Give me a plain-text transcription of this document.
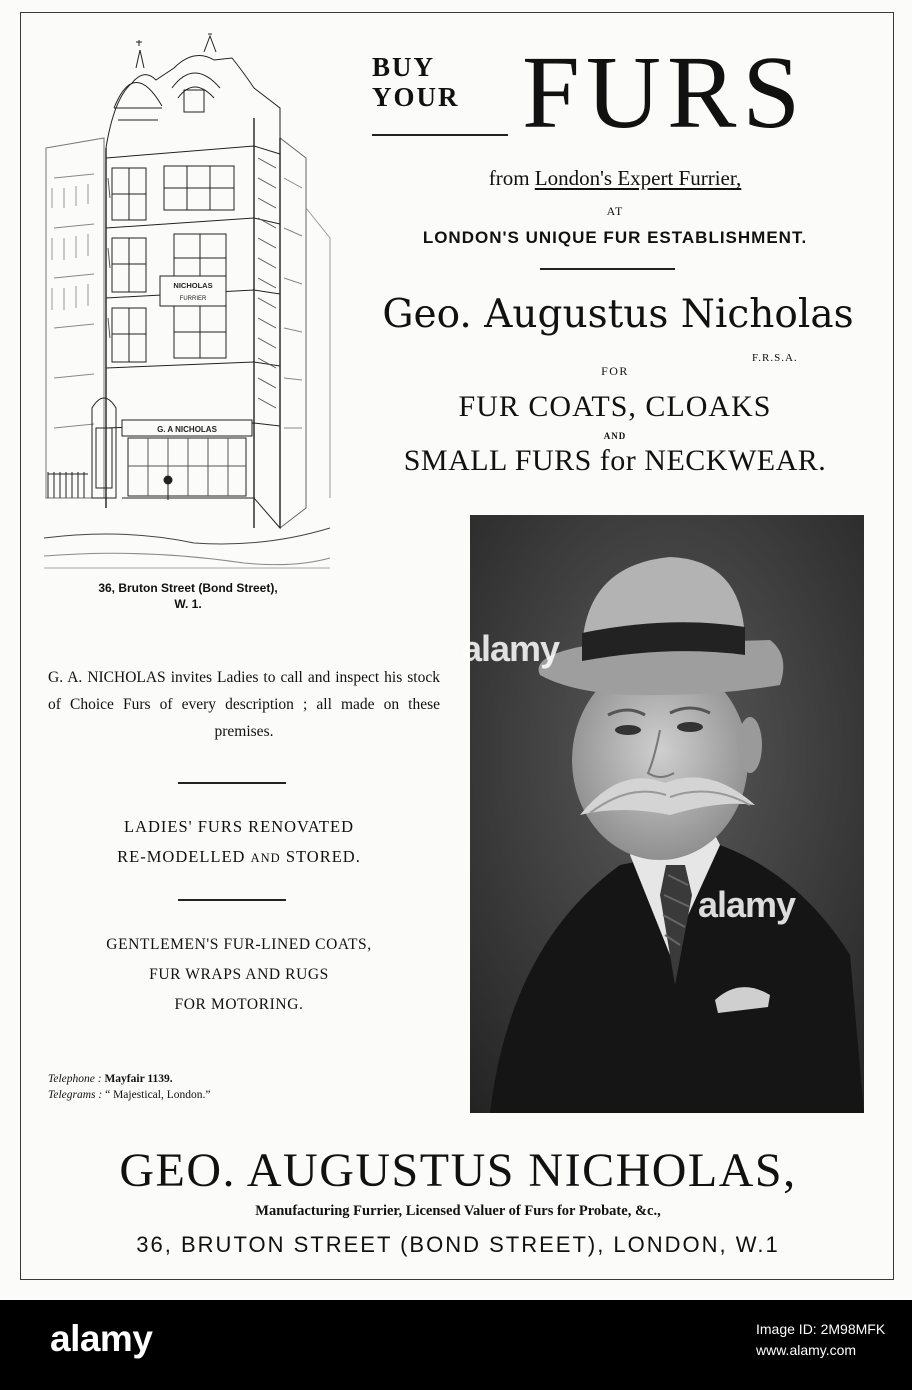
BUY
YOUR FURS
from London's Expert Furrier,
AT
LONDON'S UNIQUE FUR ESTABLISHMENT.
Geo. Augustus Nicholas
F.R.S.A.
FOR
FUR COATS, CLOAKS
AND
SMALL FURS for NECKWEAR.
NICHOLAS
FURRIER
G. A NICHOLAS
36, Bruton Street (Bond Street),
W. 1.
G. A. NICHOLAS invites Ladies to call and inspect his stock of Choice Furs of every description ; all made on these premises.
LADIES' FURS RENOVATED
RE-MODELLED AND STORED.
GENTLEMEN'S FUR-LINED COATS,
FUR WRAPS AND RUGS
FOR MOTORING.
Telephone : Mayfair 1139.
Telegrams : “ Majestical, London.”
GEO. AUGUSTUS NICHOLAS,
Manufacturing Furrier, Licensed Valuer of Furs for Probate, &c.,
36, BRUTON STREET (BOND STREET), LONDON, W.1
alamy	Image ID: 2M98MFK
www.alamy.com
alamy
alamy
